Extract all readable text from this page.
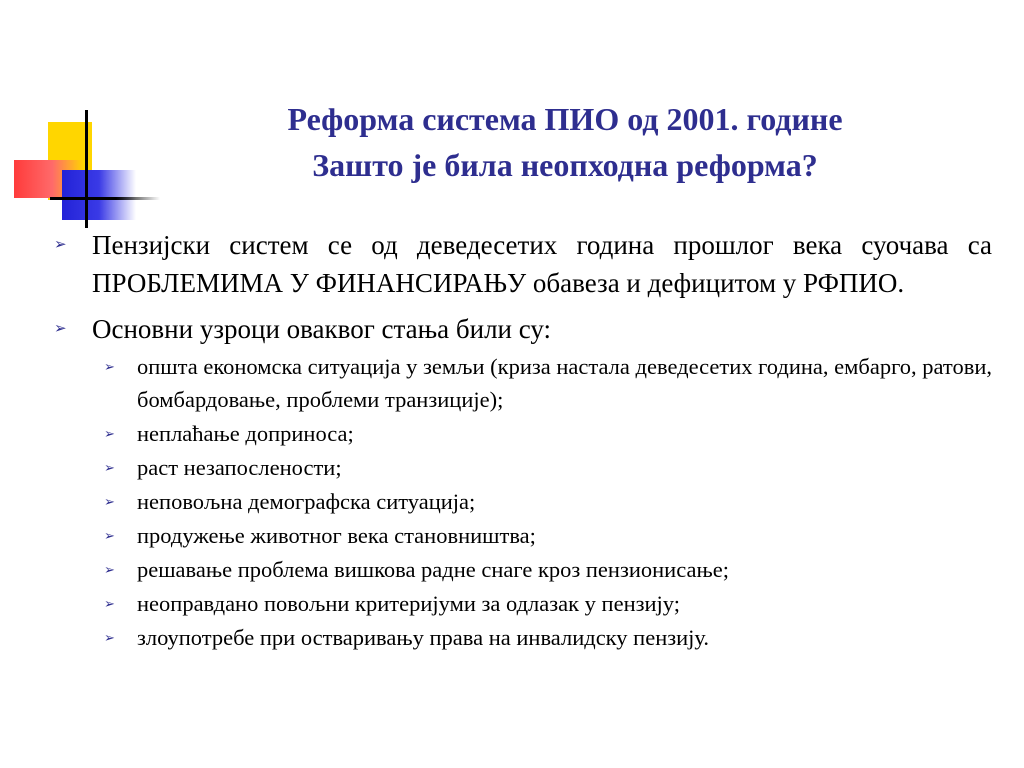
Реформа система ПИО од 2001. године
Зашто је била неопходна реформа?
➢ Пензијски систем се од деведесетих година прошлог века суочава са ПРОБЛЕМИМА У ФИНАНСИРАЊУ обавеза и дефицитом у РФПИО.
➢ Основни узроци оваквог стања били су:
➢ општа економска ситуација у земљи (криза настала деведесетих година, ембарго, ратови, бомбардовање, проблеми транзиције);
➢ неплаћање доприноса;
➢ раст незапослености;
➢ неповољна демографска ситуација;
➢ продужење животног века становништва;
➢ решавање проблема вишкова радне снаге кроз пензионисање;
➢ неоправдано повољни критеријуми за одлазак у пензију;
➢ злоупотребе при остваривању права на инвалидску пензију.
